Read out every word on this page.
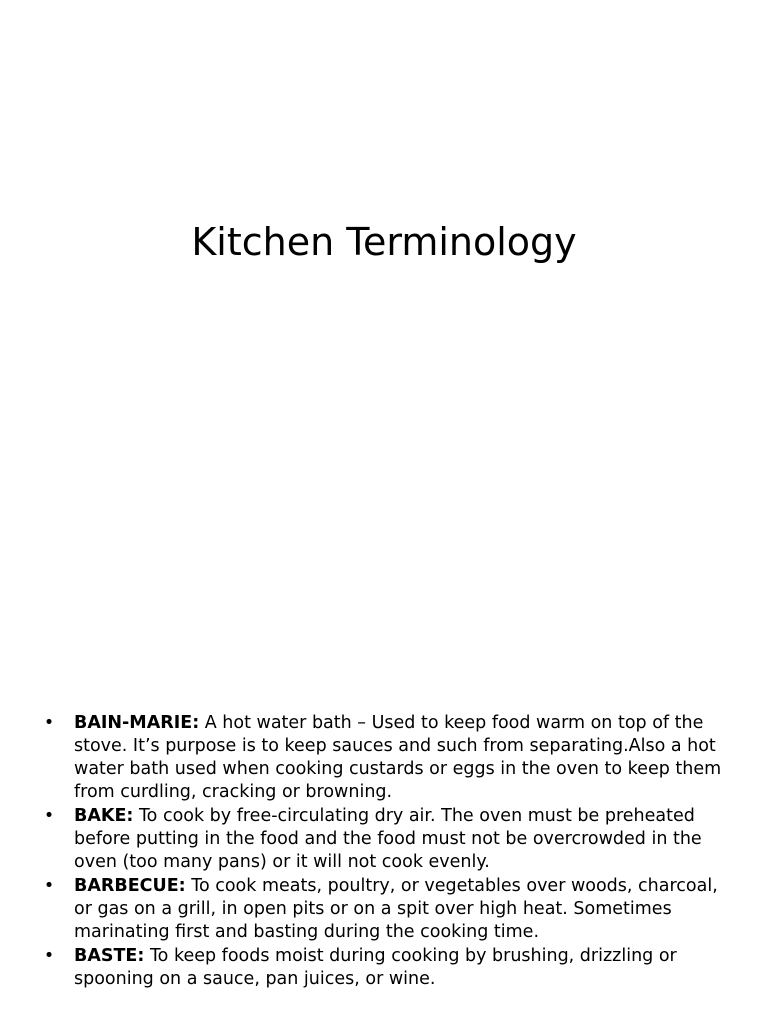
Kitchen Terminology
• BAIN-MARIE: A hot water bath – Used to keep food warm on top of the stove. It’s purpose is to keep sauces and such from separating.Also a hot water bath used when cooking custards or eggs in the oven to keep them from curdling, cracking or browning.
• BAKE: To cook by free-circulating dry air. The oven must be preheated before putting in the food and the food must not be overcrowded in the oven (too many pans) or it will not cook evenly.
• BARBECUE: To cook meats, poultry, or vegetables over woods, charcoal, or gas on a grill, in open pits or on a spit over high heat. Sometimes marinating first and basting during the cooking time.
• BASTE: To keep foods moist during cooking by brushing, drizzling or spooning on a sauce, pan juices, or wine.
